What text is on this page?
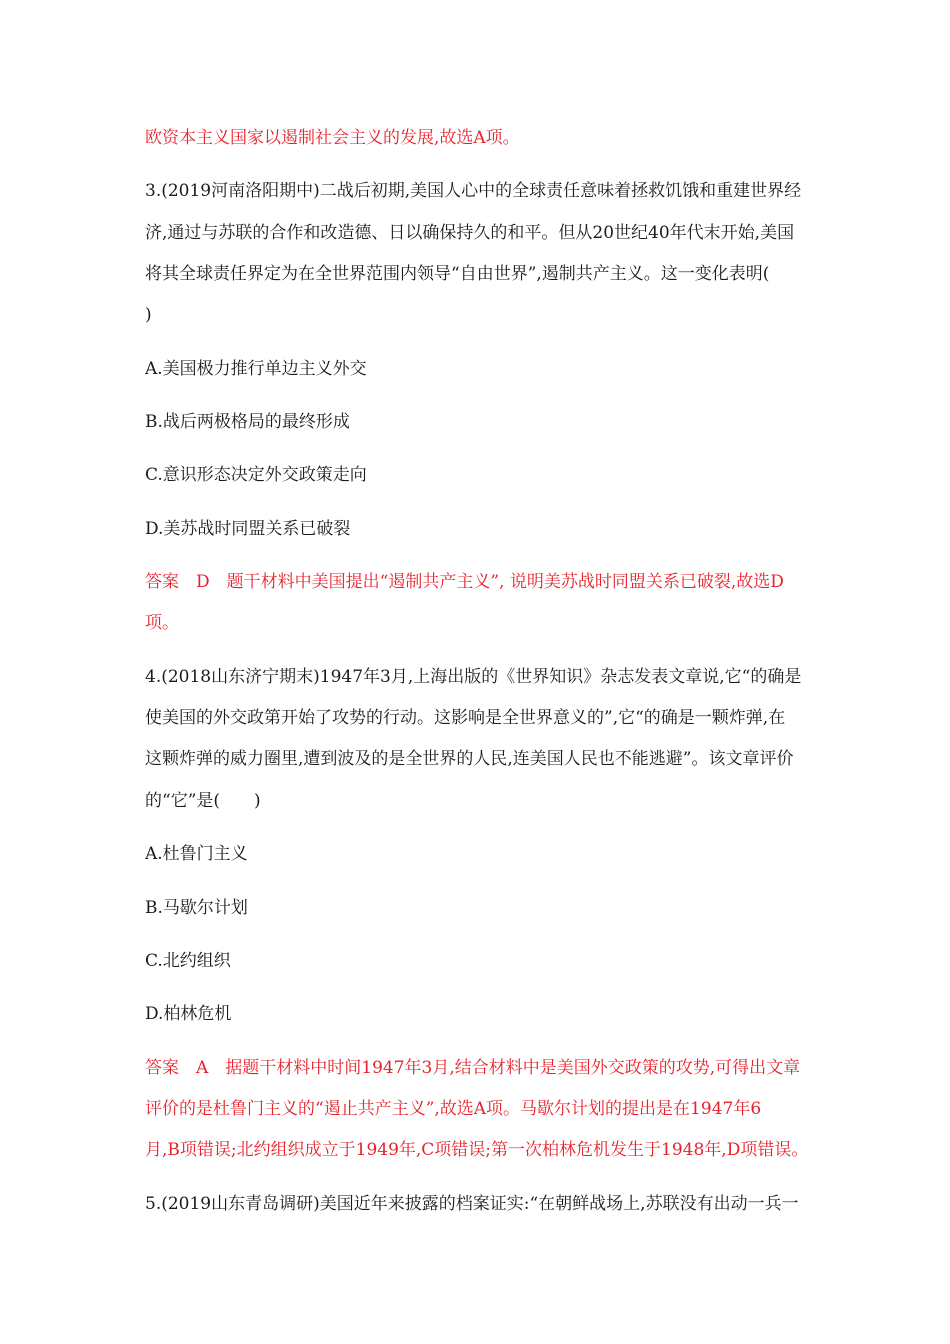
欧资本主义国家以遏制社会主义的发展,故选A项。
3.(2019河南洛阳期中)二战后初期,美国人心中的全球责任意味着拯救饥饿和重建世界经
济,通过与苏联的合作和改造德、日以确保持久的和平。但从20世纪40年代末开始,美国
将其全球责任界定为在全世界范围内领导“自由世界”,遏制共产主义。这一变化表明(
)
A.美国极力推行单边主义外交
B.战后两极格局的最终形成
C.意识形态决定外交政策走向
D.美苏战时同盟关系已破裂
答案　D　题干材料中美国提出“遏制共产主义”, 说明美苏战时同盟关系已破裂,故选D
项。
4.(2018山东济宁期末)1947年3月,上海出版的《世界知识》杂志发表文章说,它“的确是
使美国的外交政第开始了攻势的行动。这影响是全世界意义的”,它“的确是一颗炸弹,在
这颗炸弹的威力圈里,遭到波及的是全世界的人民,连美国人民也不能逃避”。该文章评价
的“它”是(　　)
A.杜鲁门主义
B.马歇尔计划
C.北约组织
D.柏林危机
答案　A　据题干材料中时间1947年3月,结合材料中是美国外交政策的攻势,可得出文章
评价的是杜鲁门主义的“遏止共产主义”,故选A项。马歇尔计划的提出是在1947年6
月,B项错误;北约组织成立于1949年,C项错误;第一次柏林危机发生于1948年,D项错误。
5.(2019山东青岛调研)美国近年来披露的档案证实:“在朝鲜战场上,苏联没有出动一兵一
